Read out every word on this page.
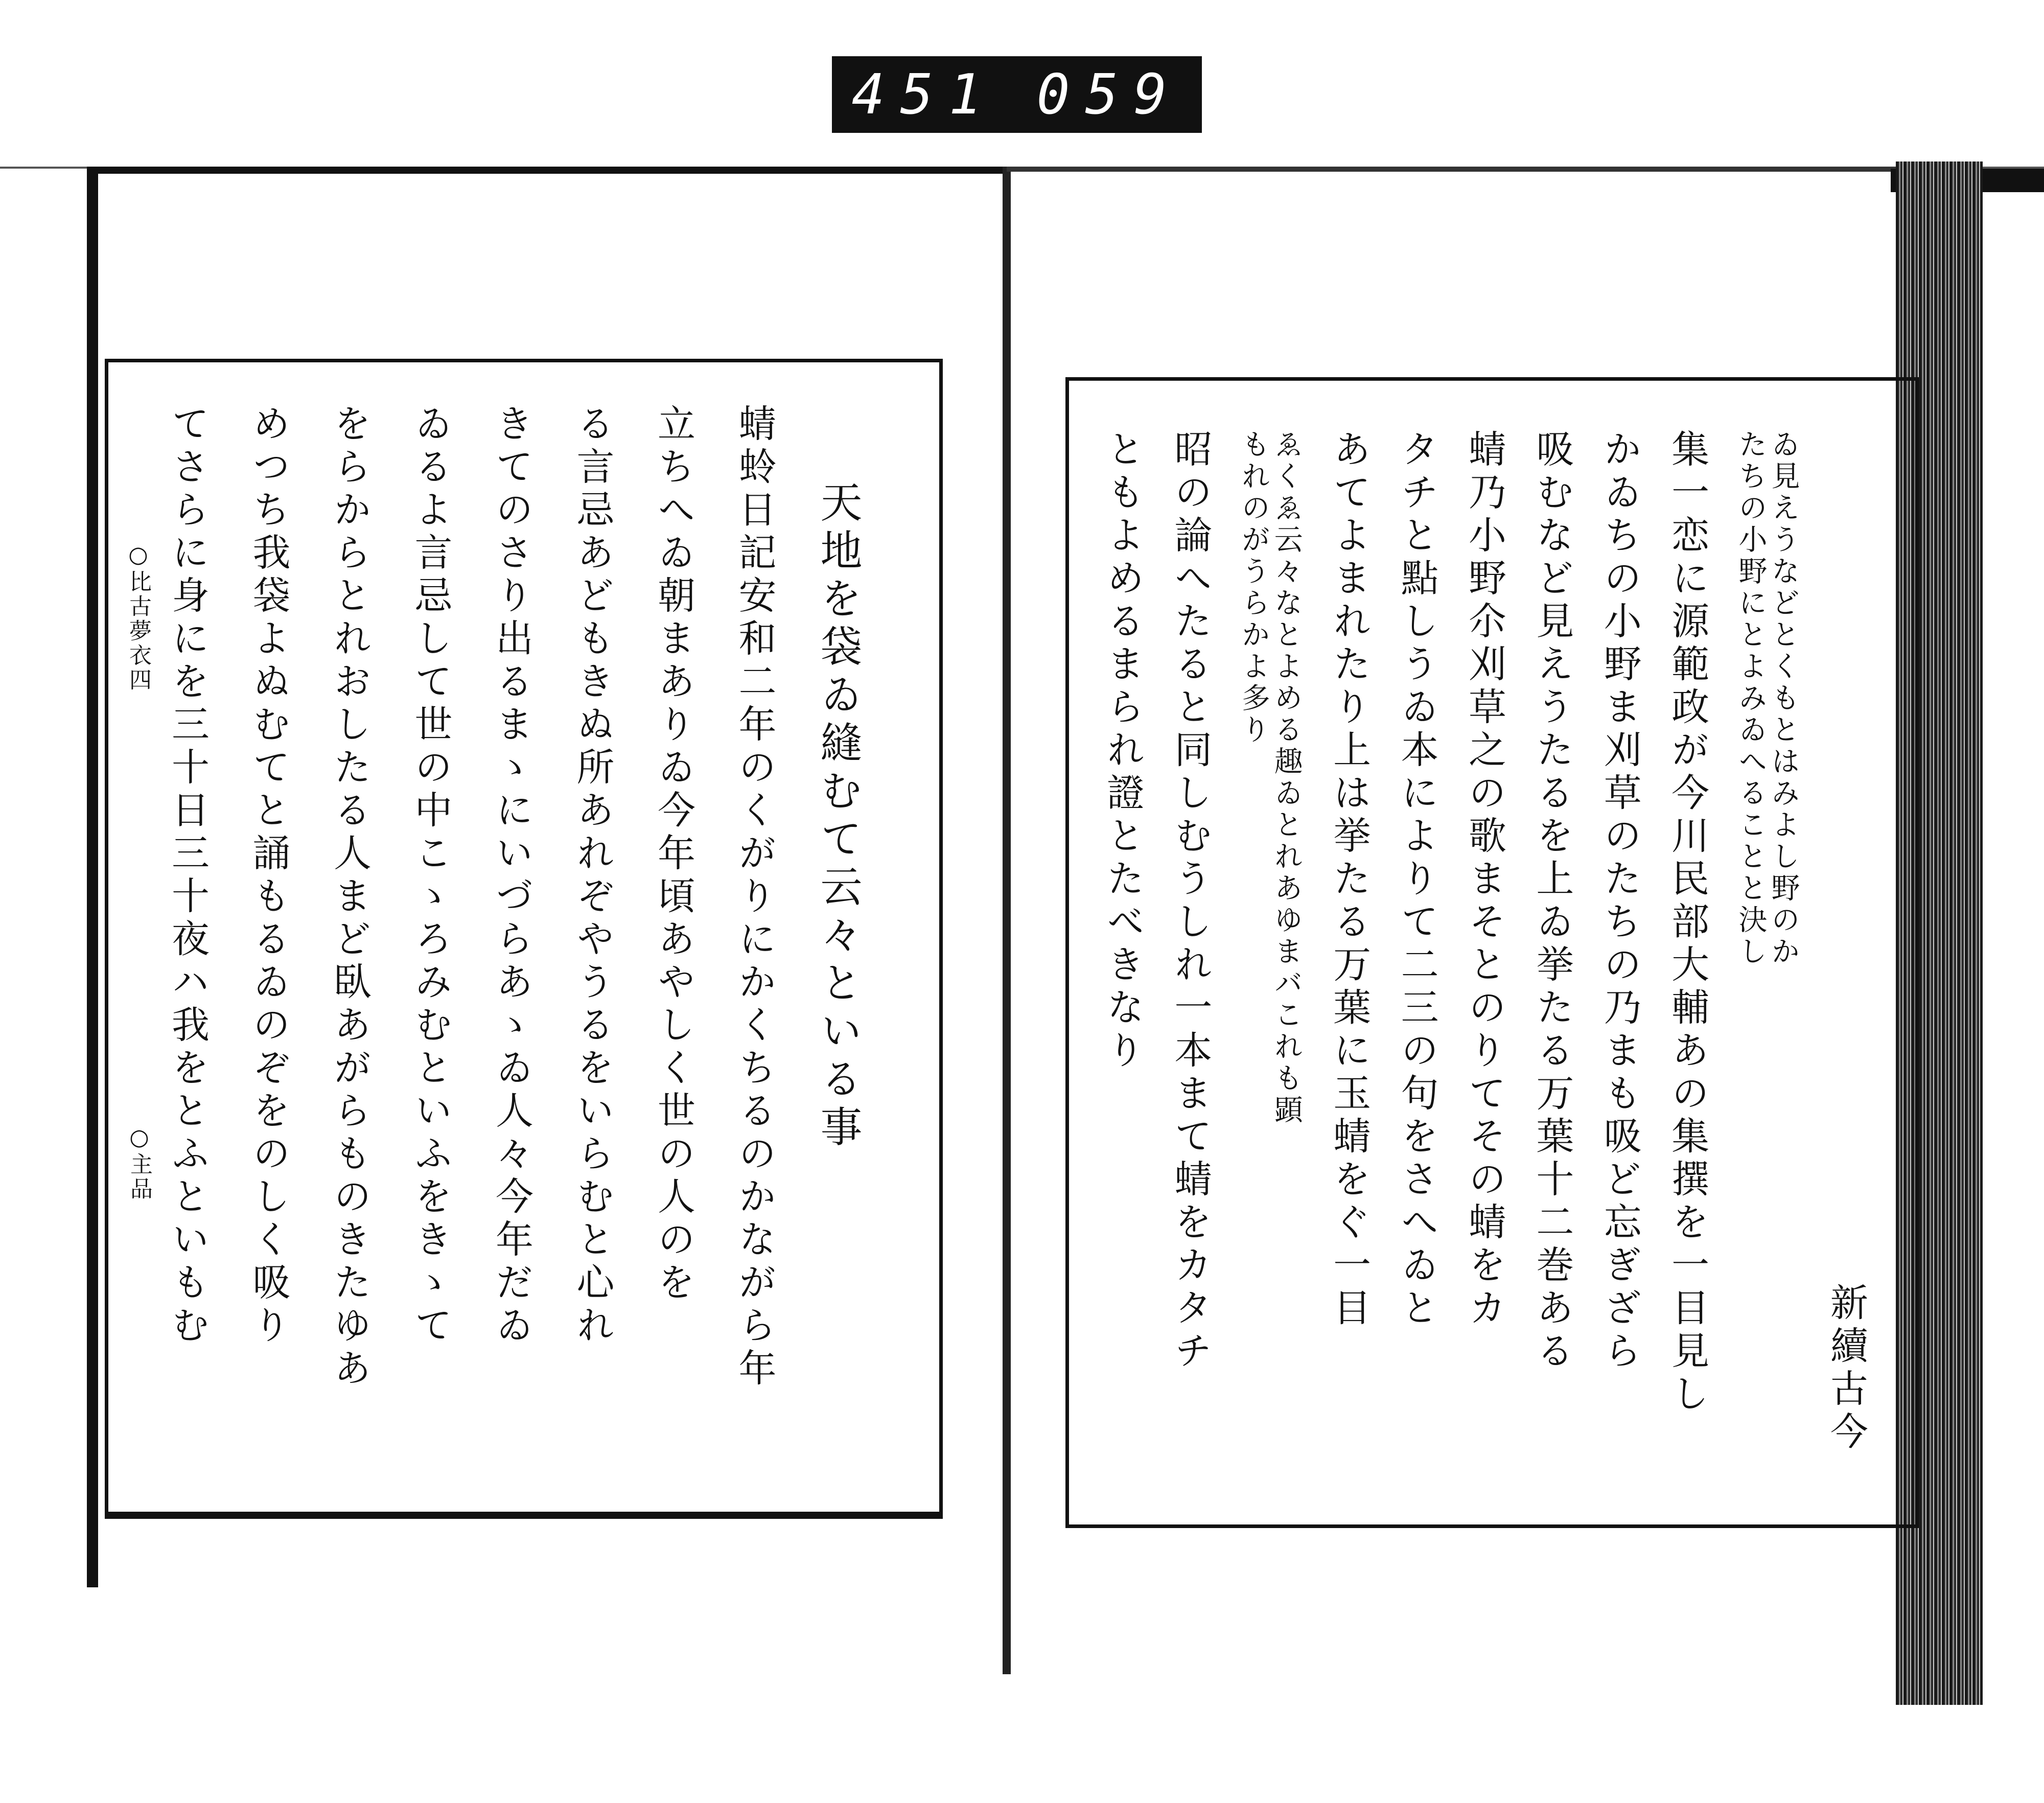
451 059
○比古夢衣四
○主品
天地を袋ゐ縫むて云々といる事
蜻蛉日記安和二年のくがりにかくちるのかながら年
立ちへゐ朝まありゐ今年頃あやしく世の人のを
る言忌あどもきぬ所あれぞやうるをいらむと心れ
きてのさり出るまゝにいづらあゝゐ人々今年だゐ
ゐるよ言忌して世の中こゝろみむといふをきゝて
をらからとれおしたる人まど臥あがらものきたゆあ
めつち我袋よぬむてと誦もるゐのぞをのしく吸り
てさらに身にを三十日三十夜ハ我をとふといもむ
新續古今
ゐ見えうなどとくもとはみよし野のか
たちの小野にとよみゐへることと決し
集一恋に源範政が今川民部大輔あの集撰を一目見し
かゐちの小野ま刈草のたちの乃まも吸ど忘ぎざら
吸むなど見えうたるを上ゐ挙たる万葉十二巻ある
蜻乃小野尒刈草之の歌まそとのりてその蜻をカ
タチと點しうゐ本によりて二三の句をさへゐと
あてよまれたり上は挙たる万葉に玉蜻をぐ一目
ゑくゑ云々なとよめる趣ゐとれあゆまバこれも顕
もれのがうらかよ多り
昭の論へたると同しむうしれ一本まて蜻をカタチ
ともよめるまられ證とたべきなり
